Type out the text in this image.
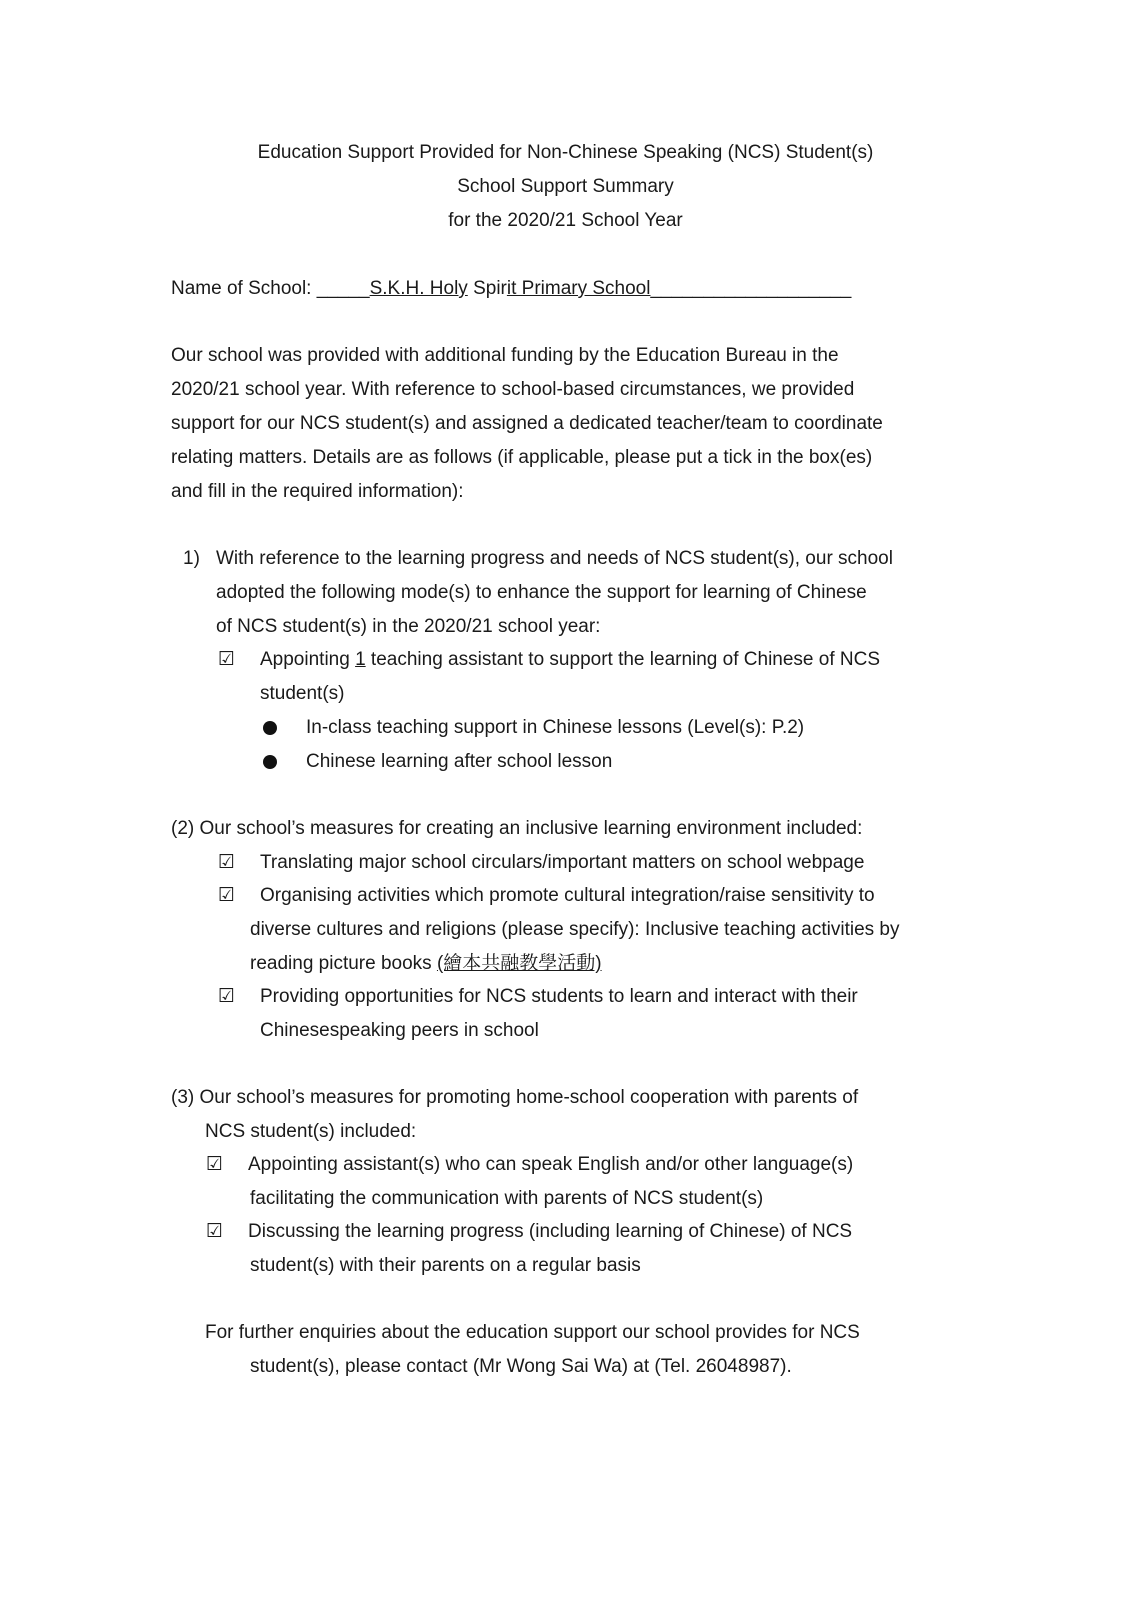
Education Support Provided for Non-Chinese Speaking (NCS) Student(s)
School Support Summary
for the 2020/21 School Year
Name of School: _____S.K.H. Holy Spirit Primary School___________________
Our school was provided with additional funding by the Education Bureau in the
2020/21 school year. With reference to school-based circumstances, we provided
support for our NCS student(s) and assigned a dedicated teacher/team to coordinate
relating matters. Details are as follows (if applicable, please put a tick in the box(es)
and fill in the required information):
1) With reference to the learning progress and needs of NCS student(s), our school
adopted the following mode(s) to enhance the support for learning of Chinese
of NCS student(s) in the 2020/21 school year:
☑ Appointing 1 teaching assistant to support the learning of Chinese of NCS
student(s)
In-class teaching support in Chinese lessons (Level(s): P.2)
Chinese learning after school lesson
(2) Our school’s measures for creating an inclusive learning environment included:
☑ Translating major school circulars/important matters on school webpage
☑ Organising activities which promote cultural integration/raise sensitivity to
diverse cultures and religions (please specify): Inclusive teaching activities by
reading picture books (繪本共融教學活動)
☑ Providing opportunities for NCS students to learn and interact with their
Chinesespeaking peers in school
(3) Our school’s measures for promoting home-school cooperation with parents of
NCS student(s) included:
☑ Appointing assistant(s) who can speak English and/or other language(s)
facilitating the communication with parents of NCS student(s)
☑ Discussing the learning progress (including learning of Chinese) of NCS
student(s) with their parents on a regular basis
For further enquiries about the education support our school provides for NCS
student(s), please contact (Mr Wong Sai Wa) at (Tel. 26048987).
